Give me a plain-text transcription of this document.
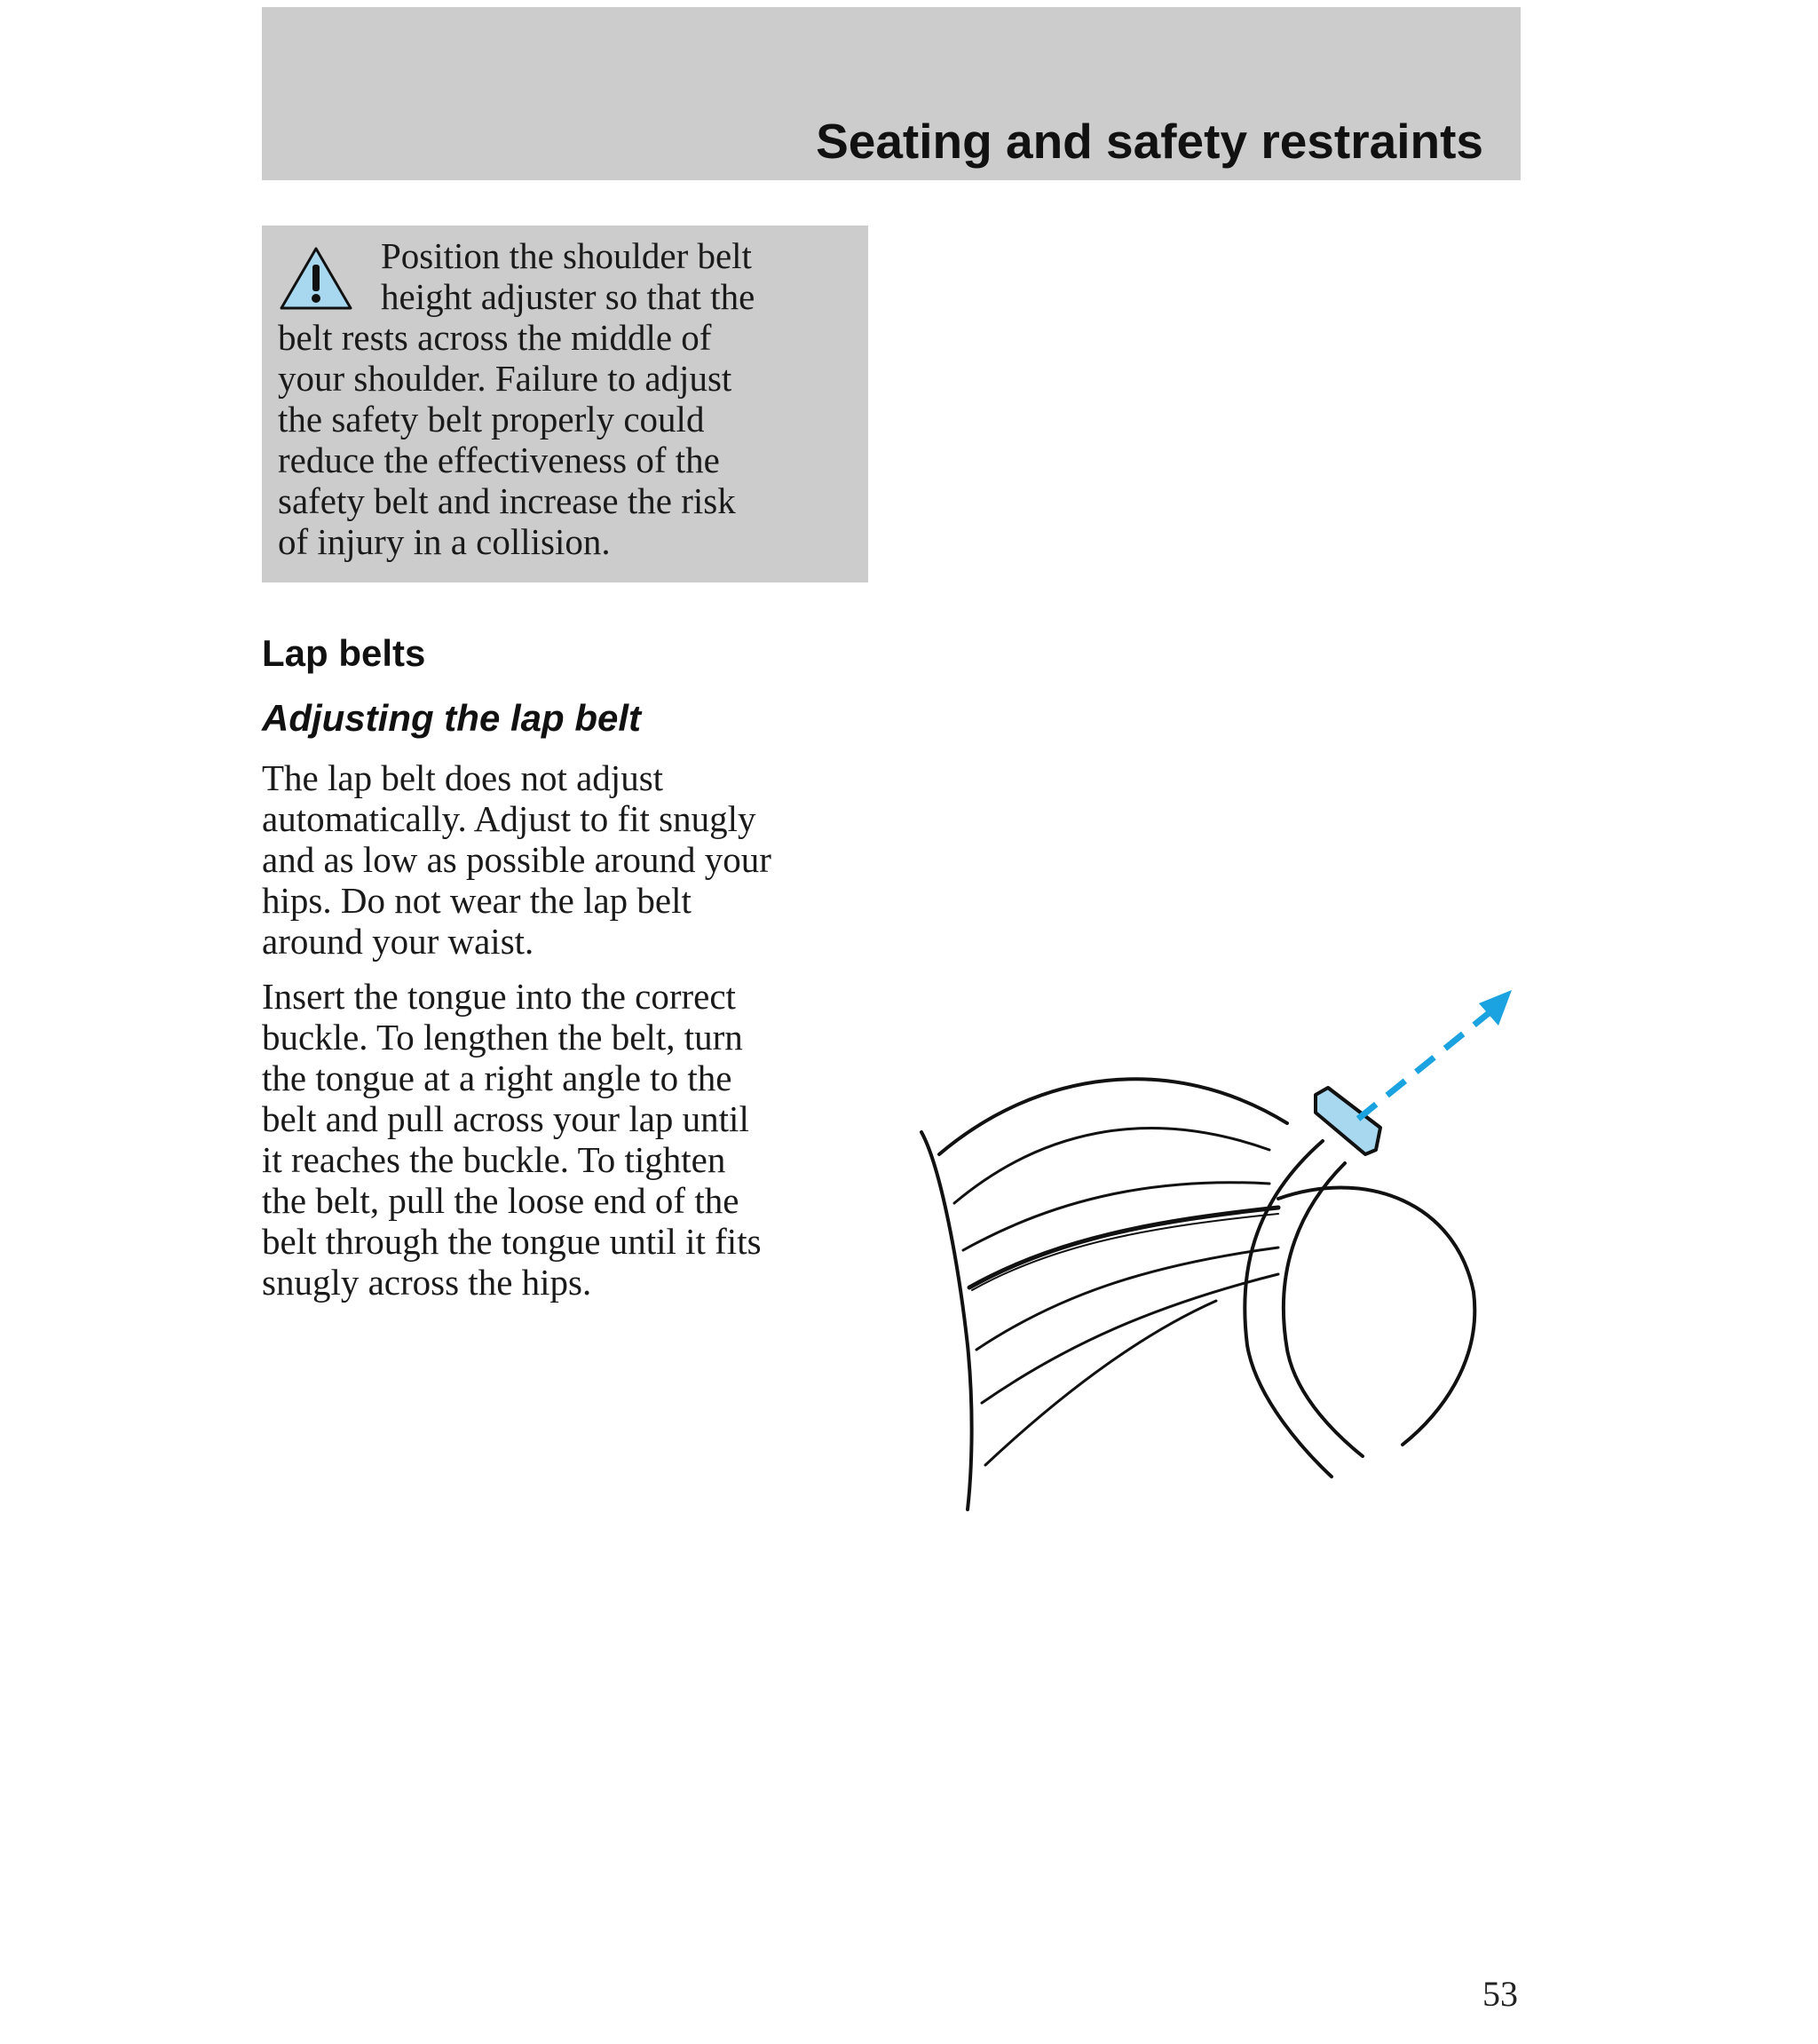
Seating and safety restraints
Position the shoulder belt
height adjuster so that the
belt rests across the middle of
your shoulder. Failure to adjust
the safety belt properly could
reduce the effectiveness of the
safety belt and increase the risk
of injury in a collision.
Lap belts
Adjusting the lap belt
The lap belt does not adjust
automatically. Adjust to fit snugly
and as low as possible around your
hips. Do not wear the lap belt
around your waist.
Insert the tongue into the correct
buckle. To lengthen the belt, turn
the tongue at a right angle to the
belt and pull across your lap until
it reaches the buckle. To tighten
the belt, pull the loose end of the
belt through the tongue until it fits
snugly across the hips.
53
